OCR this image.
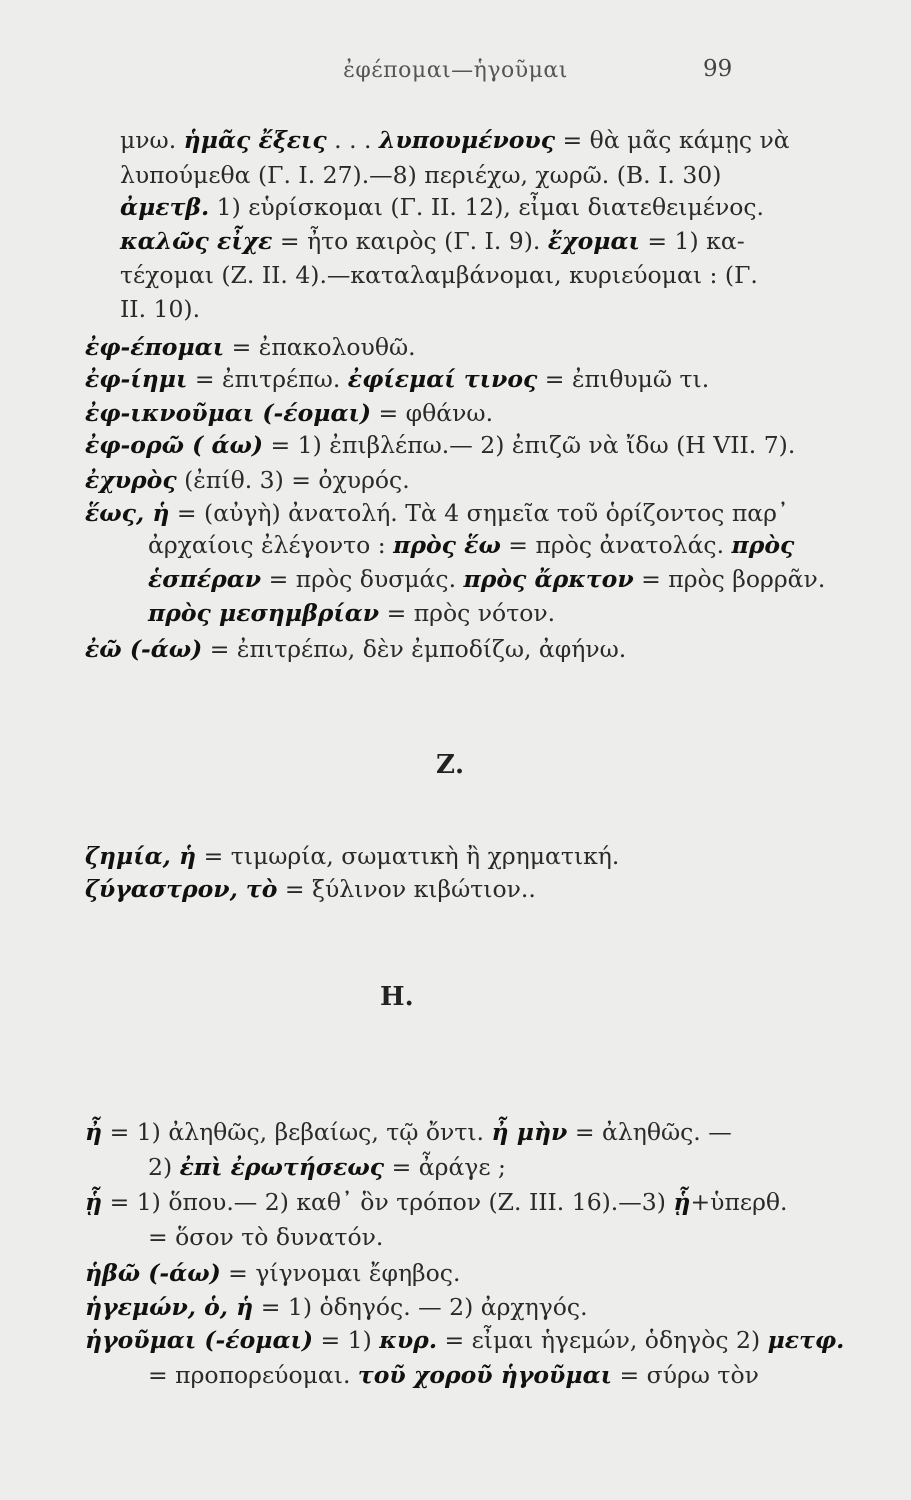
ἐφέπομαι—ἡγοῦμαι	99
μνω. ἡμᾶς ἔξεις . . . λυπουμένους = θὰ μᾶς κάμῃς νὰ
λυπούμεθα (Γ. Ι. 27).—8) περιέχω, χωρῶ. (Β. Ι. 30)
ἀμετβ. 1) εὑρίσκομαι (Γ. ΙΙ. 12), εἶμαι διατεθειμένος.
καλῶς εἶχε = ἦτο καιρὸς (Γ. Ι. 9). ἔχομαι = 1) κα-
τέχομαι (Ζ. ΙΙ. 4).—καταλαμβάνομαι, κυριεύομαι : (Γ.
ΙΙ. 10).
ἐφ-έπομαι = ἐπακολουθῶ.
ἐφ-ίημι = ἐπιτρέπω. ἐφίεμαί τινος = ἐπιθυμῶ τι.
ἐφ-ικνοῦμαι (-έομαι) = φθάνω.
ἐφ-ορῶ ( άω) = 1) ἐπιβλέπω.— 2) ἐπιζῶ νὰ ἴδω (Η VII. 7).
ἐχυρὸς (ἐπίθ. 3) = ὀχυρός.
ἕως, ἡ = (αὐγὴ) ἀνατολή. Τὰ 4 σημεῖα τοῦ ὁρίζοντος παρ᾽
ἀρχαίοις ἐλέγοντο : πρὸς ἕω = πρὸς ἀνατολάς. πρὸς
ἑσπέραν = πρὸς δυσμάς. πρὸς ἄρκτον = πρὸς βορρᾶν.
πρὸς μεσημβρίαν = πρὸς νότον.
ἐῶ (-άω) = ἐπιτρέπω, δὲν ἐμποδίζω, ἀφήνω.
ζημία, ἡ = τιμωρία, σωματικὴ ἢ χρηματική.
ζύγαστρον, τὸ = ξύλινον κιβώτιον..
ἦ = 1) ἀληθῶς, βεβαίως, τῷ ὄντι. ἦ μὴν = ἀληθῶς. —
2) ἐπὶ ἐρωτήσεως = ἆράγε ;
ᾗ = 1) ὅπου.— 2) καθ᾽ ὃν τρόπον (Ζ. ΙΙΙ. 16).—3) ᾗ+ὑπερθ.
= ὅσον τὸ δυνατόν.
ἡβῶ (-άω) = γίγνομαι ἔφηβος.
ἡγεμών, ὁ, ἡ = 1) ὁδηγός. — 2) ἀρχηγός.
ἡγοῦμαι (-έομαι) = 1) κυρ. = εἶμαι ἡγεμών, ὁδηγὸς 2) μετφ.
= προπορεύομαι. τοῦ χοροῦ ἡγοῦμαι = σύρω τὸν
Ζ.
Η.
